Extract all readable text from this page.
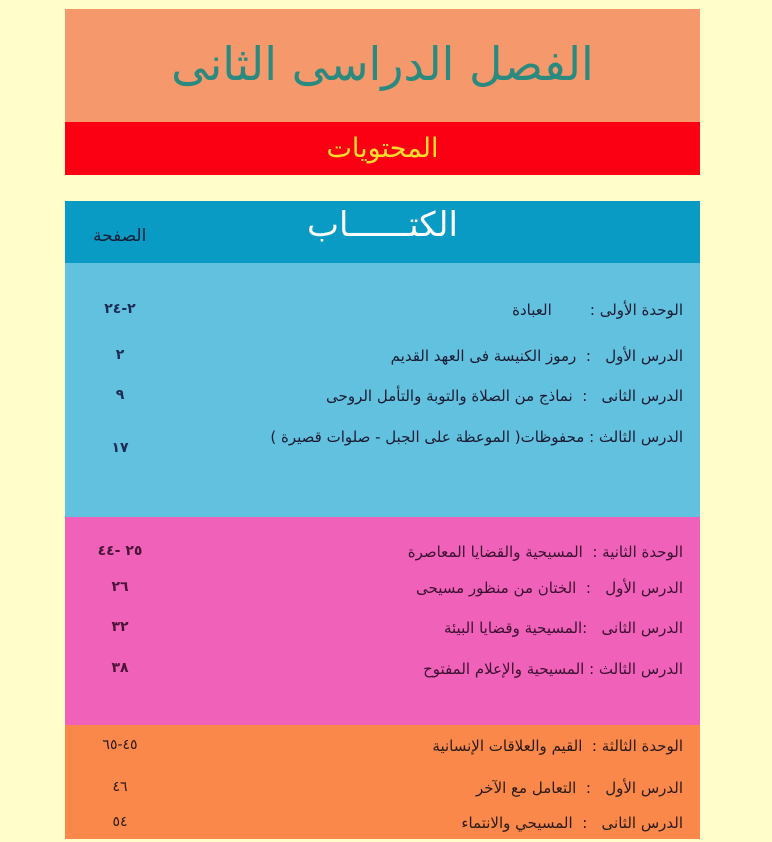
الفصل الدراسى الثانى
المحتويات
الكتــــــاب
الصفحة
الوحدة الأولى :        العبادة
٢-٢٤
الدرس الأول   :  رموز الكنيسة فى العهد القديم
٢
الدرس الثانى   :  نماذج من الصلاة والتوبة والتأمل الروحى
٩
الدرس الثالث : محفوظات( الموعظة على الجبل - صلوات قصيرة )
١٧
الوحدة الثانية :  المسيحية والقضايا المعاصرة
٢٥ -٤٤
الدرس الأول   :  الختان من منظور مسيحى
٢٦
الدرس الثانى   :المسيحية وقضايا البيئة
٣٢
الدرس الثالث : المسيحية والإعلام المفتوح
٣٨
الوحدة الثالثة :  القيم والعلاقات الإنسانية
٤٥-٦٥
الدرس الأول   :  التعامل مع الآخر
٤٦
الدرس الثانى   :  المسيحي والانتماء
٥٤
